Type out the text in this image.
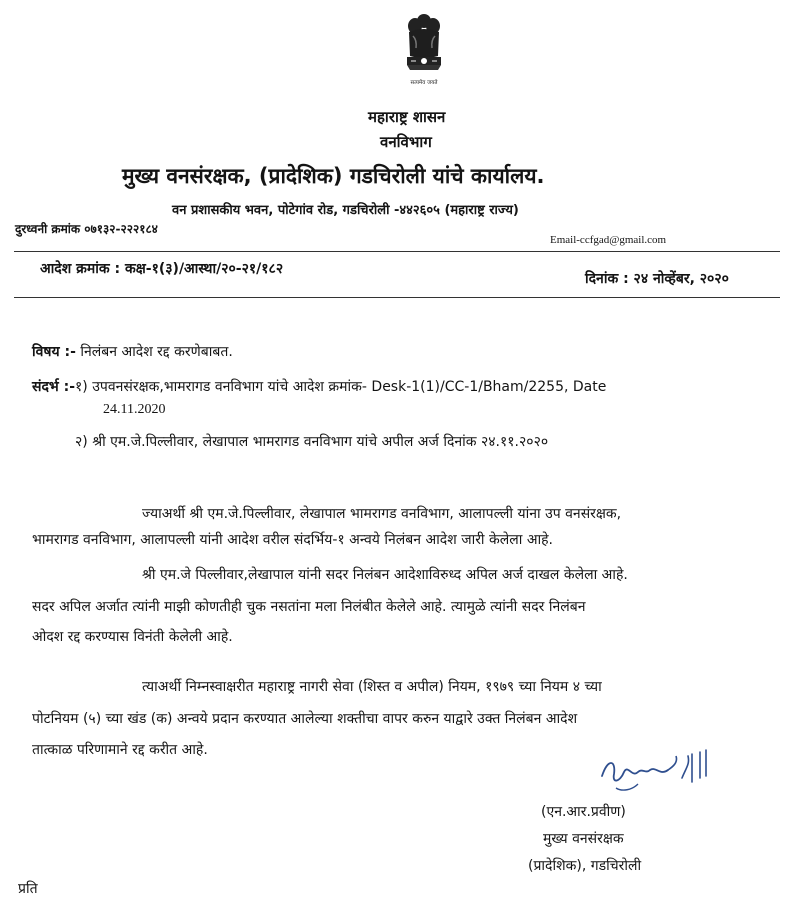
सत्यमेव जयते
महाराष्ट्र शासन
वनविभाग
मुख्य वनसंरक्षक, (प्रादेशिक) गडचिरोली यांचे कार्यालय.
वन प्रशासकीय भवन, पोटेगांव रोड, गडचिरोली -४४२६०५ (महाराष्ट्र राज्य)
दुरध्वनी क्रमांक ०७१३२-२२२१८४
Email-ccfgad@gmail.com
आदेश क्रमांक : कक्ष-१(३)/आस्था/२०-२१/१८२
दिनांक : २४ नोव्हेंबर, २०२०
विषय :- निलंबन आदेश रद्द करणेबाबत.
संदर्भ :-१) उपवनसंरक्षक,भामरागड वनविभाग यांचे आदेश क्रमांक- Desk-1(1)/CC-1/Bham/2255, Date
24.11.2020
२) श्री एम.जे.पिल्लीवार, लेखापाल भामरागड वनविभाग यांचे अपील अर्ज दिनांक २४.११.२०२०
ज्याअर्थी श्री एम.जे.पिल्लीवार, लेखापाल भामरागड वनविभाग, आलापल्ली यांना उप वनसंरक्षक,
भामरागड वनविभाग, आलापल्ली यांनी आदेश वरील संदर्भिय-१ अन्वये निलंबन आदेश जारी केलेला आहे.
श्री एम.जे पिल्लीवार,लेखापाल यांनी सदर निलंबन आदेशाविरुध्द अपिल अर्ज दाखल केलेला आहे.
सदर अपिल अर्जात त्यांनी माझी कोणतीही चुक नसतांना मला निलंबीत केलेले आहे. त्यामुळे त्यांनी सदर निलंबन
ओदश रद्द करण्यास विनंती केलेली आहे.
त्याअर्थी निम्नस्वाक्षरीत महाराष्ट्र नागरी सेवा (शिस्त व अपील) नियम, १९७९ च्या नियम ४ च्या
पोटनियम (५) च्या खंड (क) अन्वये प्रदान करण्यात आलेल्या शक्तीचा वापर करुन याद्वारे उक्त निलंबन आदेश
तात्काळ परिणामाने रद्द करीत आहे.
(एन.आर.प्रवीण)
मुख्य वनसंरक्षक
(प्रादेशिक), गडचिरोली
प्रति
